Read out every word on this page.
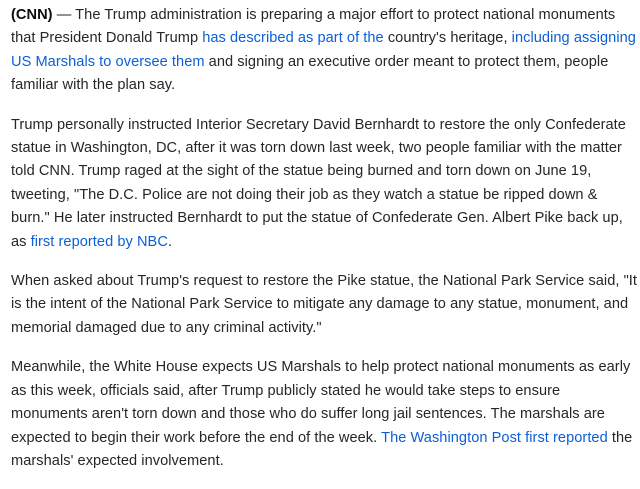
(CNN) — The Trump administration is preparing a major effort to protect national monuments that President Donald Trump has described as part of the country's heritage, including assigning US Marshals to oversee them and signing an executive order meant to protect them, people familiar with the plan say.

Trump personally instructed Interior Secretary David Bernhardt to restore the only Confederate statue in Washington, DC, after it was torn down last week, two people familiar with the matter told CNN. Trump raged at the sight of the statue being burned and torn down on June 19, tweeting, "The D.C. Police are not doing their job as they watch a statue be ripped down & burn." He later instructed Bernhardt to put the statue of Confederate Gen. Albert Pike back up, as first reported by NBC.

When asked about Trump's request to restore the Pike statue, the National Park Service said, "It is the intent of the National Park Service to mitigate any damage to any statue, monument, and memorial damaged due to any criminal activity."

Meanwhile, the White House expects US Marshals to help protect national monuments as early as this week, officials said, after Trump publicly stated he would take steps to ensure monuments aren't torn down and those who do suffer long jail sentences. The marshals are expected to begin their work before the end of the week. The Washington Post first reported the marshals' expected involvement.
